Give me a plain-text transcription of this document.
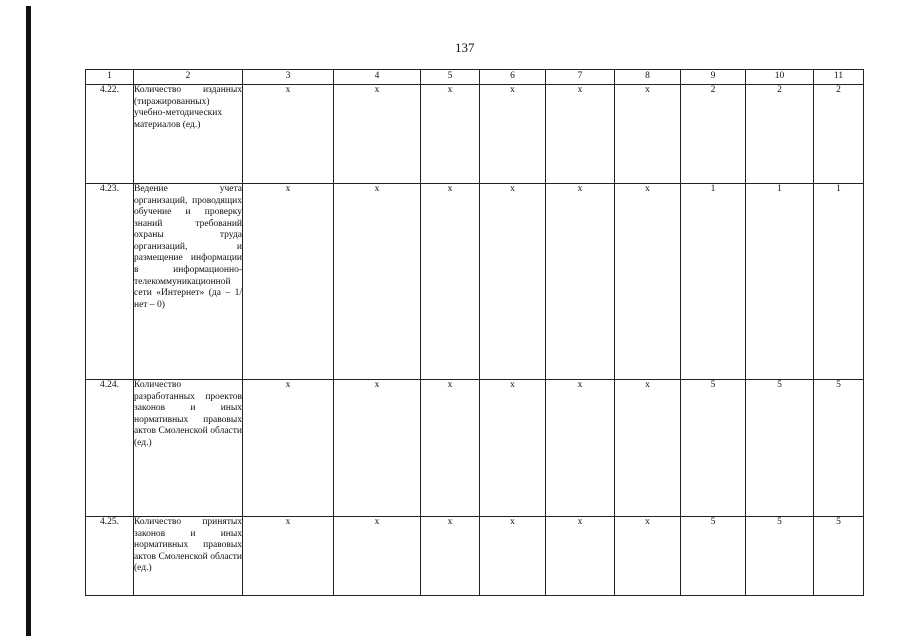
137
1	2	3	4	5	6	7	8	9	10	11
4.22.	Количество изданных (тиражированных) учебно-методических материалов (ед.)	х	х	х	х	х	х	2	2	2
4.23.	Ведение учета организаций, проводящих обучение и проверку знаний требований охраны труда организаций, и размещение информации в информационно-телекоммуникационной сети «Интернет» (да – 1/ нет – 0)	х	х	х	х	х	х	1	1	1
4.24.	Количество разработанных проектов законов и иных нормативных правовых актов Смоленской области (ед.)	х	х	х	х	х	х	5	5	5
4.25.	Количество принятых законов и иных нормативных правовых актов Смоленской области (ед.)	х	х	х	х	х	х	5	5	5
